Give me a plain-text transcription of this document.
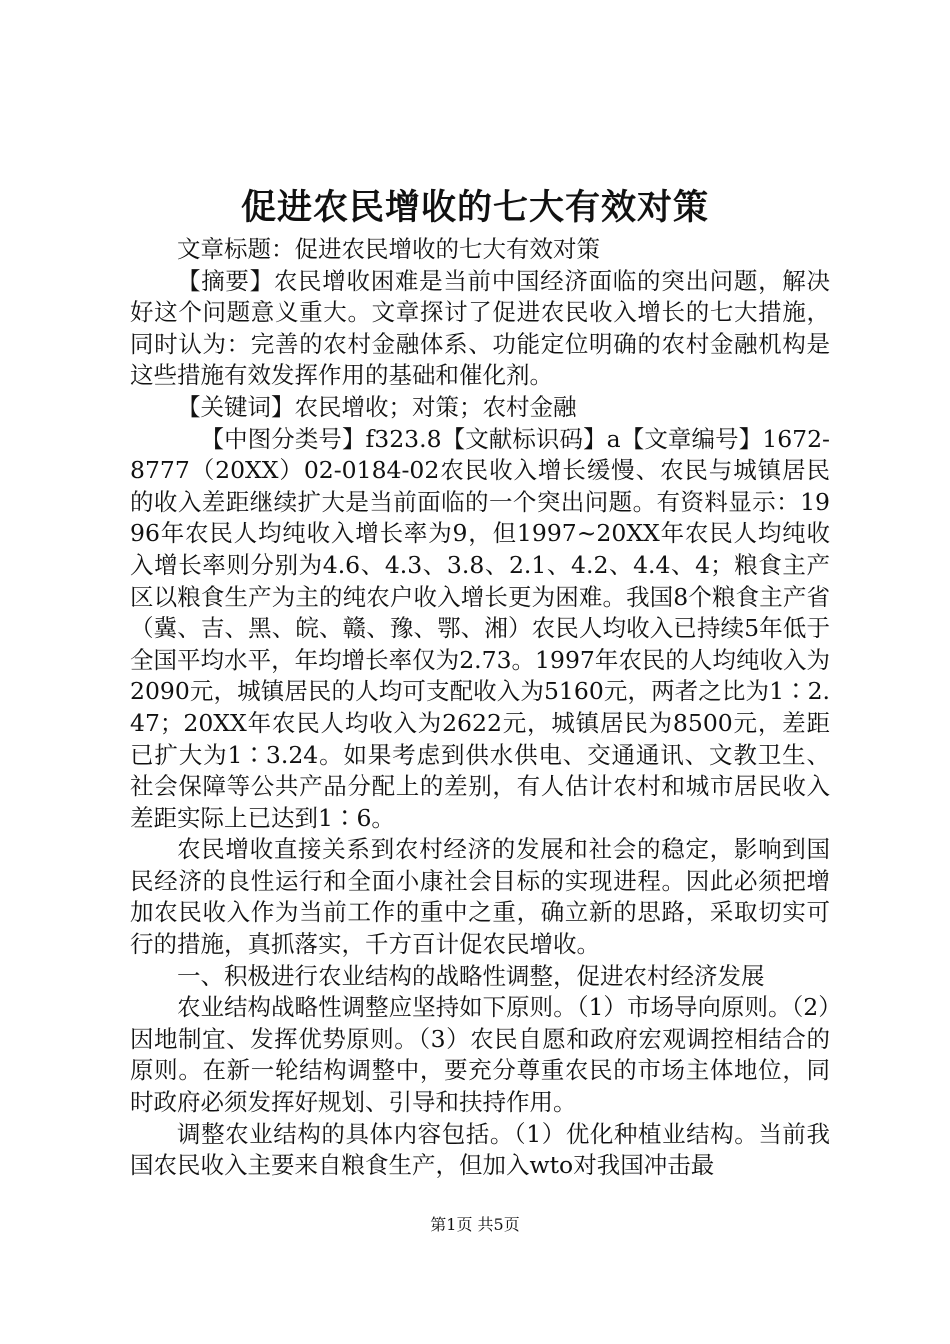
促进农民增收的七大有效对策

文章标题：促进农民增收的七大有效对策

【摘要】农民增收困难是当前中国经济面临的突出问题，解决好这个问题意义重大。文章探讨了促进农民收入增长的七大措施，同时认为：完善的农村金融体系、功能定位明确的农村金融机构是这些措施有效发挥作用的基础和催化剂。

【关键词】农民增收；对策；农村金融

【中图分类号】f323.8【文献标识码】a【文章编号】1672-8777（20XX）02-0184-02农民收入增长缓慢、农民与城镇居民的收入差距继续扩大是当前面临的一个突出问题。有资料显示：1996年农民人均纯收入增长率为9，但1997~20XX年农民人均纯收入增长率则分别为4.6、4.3、3.8、2.1、4.2、4.4、4；粮食主产区以粮食生产为主的纯农户收入增长更为困难。我国8个粮食主产省（冀、吉、黑、皖、赣、豫、鄂、湘）农民人均收入已持续5年低于全国平均水平，年均增长率仅为2.73。1997年农民的人均纯收入为2090元，城镇居民的人均可支配收入为5160元，两者之比为1∶2.47；20XX年农民人均收入为2622元，城镇居民为8500元，差距已扩大为1∶3.24。如果考虑到供水供电、交通通讯、文教卫生、社会保障等公共产品分配上的差别，有人估计农村和城市居民收入差距实际上已达到1∶6。

农民增收直接关系到农村经济的发展和社会的稳定，影响到国民经济的良性运行和全面小康社会目标的实现进程。因此必须把增加农民收入作为当前工作的重中之重，确立新的思路，采取切实可行的措施，真抓落实，千方百计促农民增收。

一、积极进行农业结构的战略性调整，促进农村经济发展

农业结构战略性调整应坚持如下原则。（1）市场导向原则。（2）因地制宜、发挥优势原则。（3）农民自愿和政府宏观调控相结合的原则。在新一轮结构调整中，要充分尊重农民的市场主体地位，同时政府必须发挥好规划、引导和扶持作用。

调整农业结构的具体内容包括。（1）优化种植业结构。当前我国农民收入主要来自粮食生产，但加入wto对我国冲击最

第1页 共5页
